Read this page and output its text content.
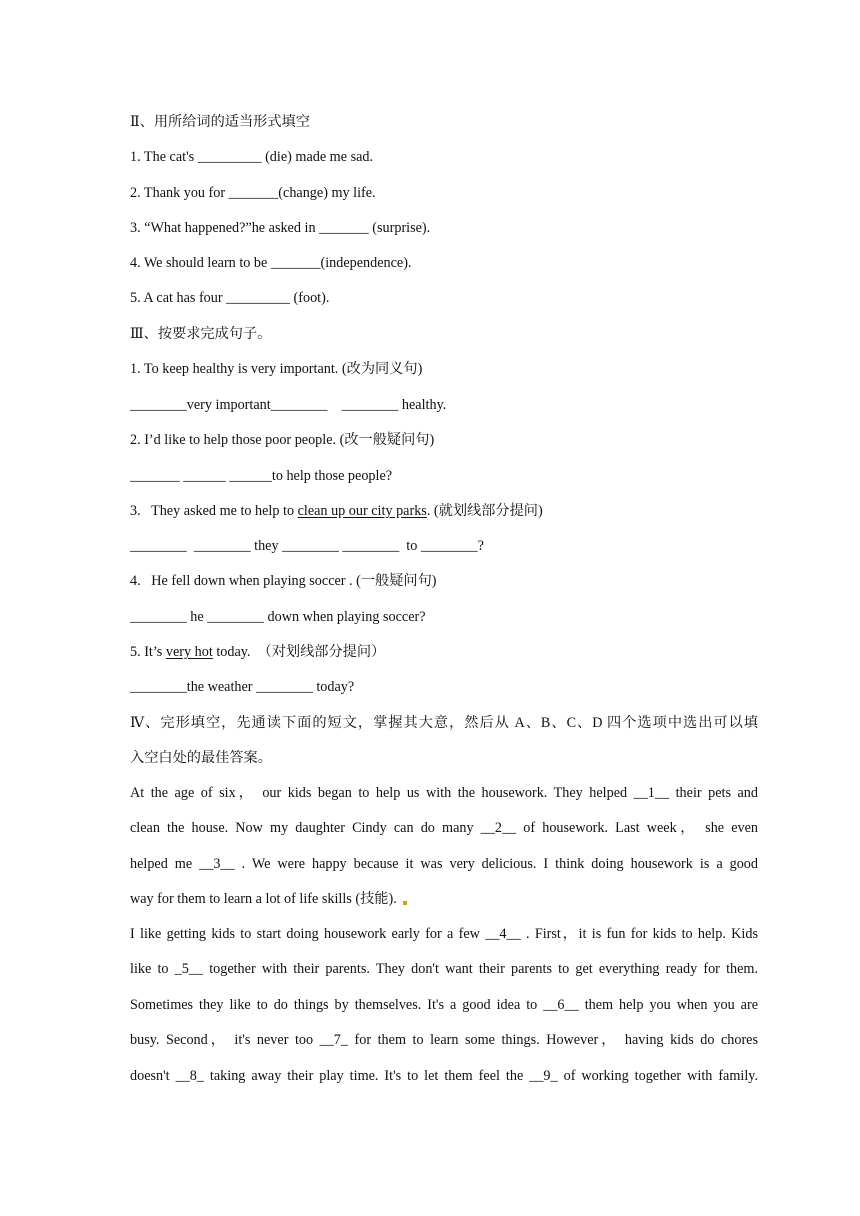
Ⅱ、用所给词的适当形式填空
1. The cat's _________ (die) made me sad.
2. Thank you for _______(change) my life.
3. “What happened?”he asked in _______ (surprise).
4. We should learn to be _______(independence).
5. A cat has four _________ (foot).
Ⅲ、按要求完成句子。
1. To keep healthy is very important. (改为同义句)
________very important________    ________ healthy.
2. I’d like to help those poor people. (改一般疑问句)
_______ ______ ______to help those people?
3.   They asked me to help to clean up our city parks. (就划线部分提问)
________  ________ they ________ ________  to ________?
4.   He fell down when playing soccer . (一般疑问句)
________ he ________ down when playing soccer?
5. It’s very hot today.  （对划线部分提问）
________the weather ________ today?
Ⅳ、完形填空，先通读下面的短文，掌握其大意，然后从 A、B、C、D 四个选项中选出可以填
入空白处的最佳答案。
At the age of six， our kids began to help us with the housework. They helped __1__ their pets and
clean the house. Now my daughter Cindy can do many __2__ of housework. Last week， she even
helped me __3__ . We were happy because it was very delicious. I think doing housework is a good
way for them to learn a lot of life skills (技能).
I like getting kids to start doing housework early for a few __4__ . First，it is fun for kids to help. Kids
like to _5__ together with their parents. They don't want their parents to get everything ready for them.
Sometimes they like to do things by themselves. It's a good idea to __6__ them help you when you are
busy. Second， it's never too __7_ for them to learn some things. However， having kids do chores
doesn't __8_ taking away their play time. It's to let them feel the __9_ of working together with family.
